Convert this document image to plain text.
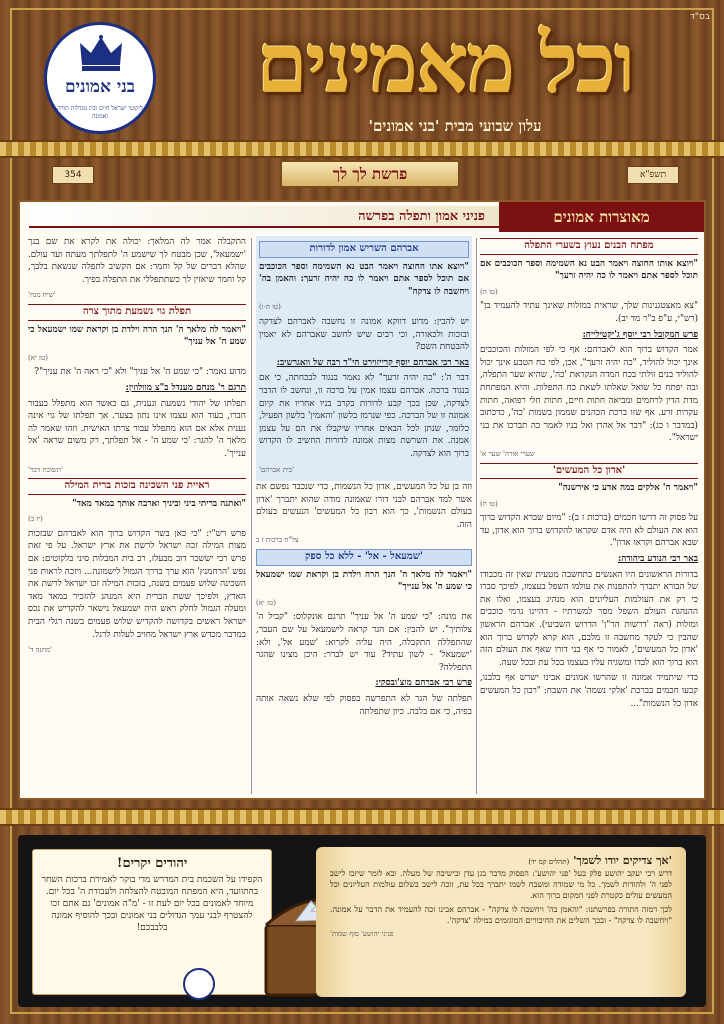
בס"ד
בני אמונים
ליקוטי ישראל חיים ובת מגדלות תורה ואמונה
וכל מאמינים
עלון שבועי מבית 'בני אמונים'
354	פרשת לך לך	תשפ"א
מאוצרות אמונים
פניני אמון ותפלה בפרשה
מפתח הבנים נעוץ בשערי התפלה
"ויוצא אותו החוצה ויאמר הבט נא השמימה וספר הכוכבים אם תוכל לספר אתם ויאמר לו כה יהיה זרעך"
(טו ה)
"צא מאצטגנינות שלך, שראית במזלות שאינך עתיד להעמיד בן" (רש"י, ע"פ ב"ר מד יב).
פרש המקובל רבי יוסף ג'יקטילייה:
אמר הקדוש ברוך הוא לאברהם: אף כי לפי המזלות והכוכבים אינך יכול להוליד, "כה יהיה זרעך", אכן, לפי כח הטבע אינך יכול להוליד בנים זולתי בכח המדה הנקראת 'כה', שהיא שער התפלה, ובה יפתח כל שואל שאלתו לשאת כח התפלות. והיא המפתחת מדת הדין לרחמים ומביאה חתות חיים, חתות חלי רפואה, חתות עקרות זרע. אף שזו ברכת הכהנים שממון בשמות 'כה', כדכתוב (במדבר ו כג): "דבר אל אהרן ואל בניו לאמר כה תברכו את בני ישראל".
'שערי אורה' שער א
'אדון כל המעשים'
"ויאמר ה' אלקים במה אדע כי אירשנה"
(טו ח)
על פסוק זה דרשו חכמים (ברכות ז ב): "מיום שברא הקדוש ברוך הוא את העולם לא היה אדם שקראו להקדוש ברוך הוא אדון, עד שבא אברהם וקראו אדון".
באר רבי הנודע ביהודה:
בדורות הראשונים היו האנשים בתחשבה מטעית שאין זה מכבודו של הבורא יתברך להתפנות את עולמו השפל בעצמו, לפיכך סברו כי רק את העולמות העליונים הוא מנהיג בעצמו, ואלו את ההנהגת העולם השפל מסר למשרתיו - דהיינו גרמי כוכבים ומזלות (ראה 'דרשות הר"ן' הדרוש השביעי). אברהם הראשון שהבין כי לעקר מחשבה זו מלבם, הוא קרא לקדוש ברוך הוא 'אדון כל המעשים', לאמור כי אף בני דורו שאף את העולם הזה הוא ברוך הוא לבדו ומשגיח עליו בעצמו בכל עת ובכל שעה.
כדי שיתמיד אמונה זו שהרשו אמונים אבינו ישרש אף בלבנו, קבעו חכמים בברכת 'אלקי נשמה' את השבח: "רבון כל המעשים אדון כל הנשמות"...
אברהם השריש אמון לדורות
"ויוצא אתו החוצה ויאמר הבט נא השמימה וספר הכוכבים אם תוכל לספר אתם ויאמר לו כה יהיה זרעך: והאמן בה' ויחשבה לו צדקה"
(טו ה-ו)
יש להבין: מדוע דווקא אמונה זו נחשבה לאברהם לצדקה ובזכות ולכאורה, וכי רבים שיש לחשב שאברהם לא יאמין להבטחת השם?
באר רבי אברהם יוסף קרייזוירט הי"ד רבה של וואגרשיב:
דבר ה': "כה יהיה זרעך" לא נאמר בנגוד לבכחתה, כי אם בנגוד ברכה. אברהם עצמו אמין על ברכה זו, ונחשב לו הדבר לצדקה, שכן בכך קבע לדורות בקרב בניו אחריו את קיום אמונה זו של הברכה. כפי שנרמז בלשון 'והאמין' בלשון הפעיל, כלומר, שנתן לכל הבאים אחריו שיקבלו את הם על עצמן אמנה. את השרשת מצות אמונה לדורות החשיב לו הקדוש ברוך הוא לצדקה.
'בית אברהם'
וזה בן על כל המעשים, אדון כל הנשמות, כדי שנכבד נפשם את אשר למד אברהם לבני דורו שאמונה מודה שהוא יתברך 'אדון בעולם הנשמות', כך הוא רבון כל המעשים' הנעשים בעולם הזה.
צל"ח ברכות ז ב
'שמעאל - אל' - ללא כל ספק
"ויאמר לה מלאך ה' הנך הרה וילדת בן וקראת שמו ישמעאל כי שמע ה' אל ענייך"
(טז יא)
את מונה: "כי שמע ה' אל עניך" תרגם אונקלוס: "קביל ה' צלותיך". יש להבין: אם הגר קראה לישמעאל על שם העבר, שהתפללה התקבלה, היה עליה לקרוא: 'שמע אל', ולא: 'ישמעאל' - לשון עתיד? עוד יש לברר: היכן מצינו שהגר התפללה?
פרש רבי אברהם מוצ'ובסקי:
תפלתה של הגר לא התפרשה בפסוק לפי שלא נשאה אותה בפיה, כי אם בלבה. כיון שתפלתה
התקבלה אמר לה המלאך: יכולה את לקרא את שם בנך 'ישמעאל', שכן מבטח לך שישמע ה' לתפלתך מעתה ועד עולם. שהלא דברים של קל וחמר: אם הקשיב לתפלה שנשאת בלבך, קל וחמר שיאזין לך כשתתפללי את התפלה בפיך.
'שיח מנח'
תפלת גוי נשמעת מתוך צרה
"ויאמר לה מלאך ה' הנך הרה וילדת בן וקראת שמו ישמעאל כי שמע ה' אל עניך"
(טז יא)
מדוע נאמר: "כי שמע ה' אל עניך" ולא "כי ראה ה' את עניך"?
תרגם ר' מנחם מענדל ב"צ מוולוזין:
תפלתו של יהודי נשמעת ונענית, גם כאשר הוא מתפלל בעבור חברו, בעוד הוא עצמו אינו נתון בצער. אך תפלתו של גוי אינה נענית אלא אם הוא מתפלל עבור צרתו האישית. וזהו שאמר לה מלאך ה' להגר: 'כי שמע ה' - אל תפלתך, רק משום שראה 'אל ענייך'.
'תשובת דבר'
ראיית פני השכינה בזכות ברית המילה
"ואתנה בריתי ביני וביניך וארבה אותך במאד מאד"
(יז ב)
פרש רש"י: "כי כאן בשר הקדוש ברוך הוא לאברהם שבזכות מצות המילה זכה ישראל לרשת את ארץ ישראל. על פי זאת פרש רבי ישׂשכר דוב מבעלז, רב בית המבלות סיני בלקוטים: אם נפש 'הרחמנץ' הוא ערך בדרך הגמול לישמונה... ויזכה לראות פני השכינה שלוש פעמים בשנה, בזכות המילה זכו ישראל לרשת את הארץ, ולפיכך ששת הברית היא המנהג להזכיר במאד מאד ומעלה הגמול לחלק ראש היה ישמעאל נישאר להקדיש את נכס ישראל ראשים בקדושה להקדיש שלוש פעמים בשנה רגלי הבית במדבר מכדש ארץ ישראל מחויב לעלות לרגל.
'מחנה ד'
יהודים יקרים!
הקפידו על השכמת בית המדרש מדי בוקר לאמירת ברכות השחר בהתוועד, היא המפתח המובטח להצלחה ולעבודת ה' בכל יום. מיוחד לאמונים בכל יום לעת זו - 'מ"ה אמונים' גם אתם זכו להצטרף לבני עמך הגדולים בני אמונים ובכך להוסיף אמונה בלבבכם!
'אך צדיקים יודו לשמך' (תהלים קמ יד)
דרש רבי יעקב יהושע פלק בעל 'פני יהושע': הפסוק מדבר בגן עדן ובישיבה של מעלה. ובא לומר שיזכו לישב לפני ה' ולהודות לשמך. כל מי שמודה ומשבח לשמו יתברך בכל עת, זוכה לישב בשלום עולמות העליונים וכל המעשים עולים כקטרת לפני המקום ברוך הוא.
לכך רמזה התורה בפרשתנו: "והאמן בה' ויחשבה לו צדקה" - אברהם אבינו זכה להעמיד את הדבר על אמונה. "ויחשבה לו צדקה" - ובכך השלים את החיבורים המוגזמים במילה 'צדקה'.
'פניני יהושע' סוף שמות
